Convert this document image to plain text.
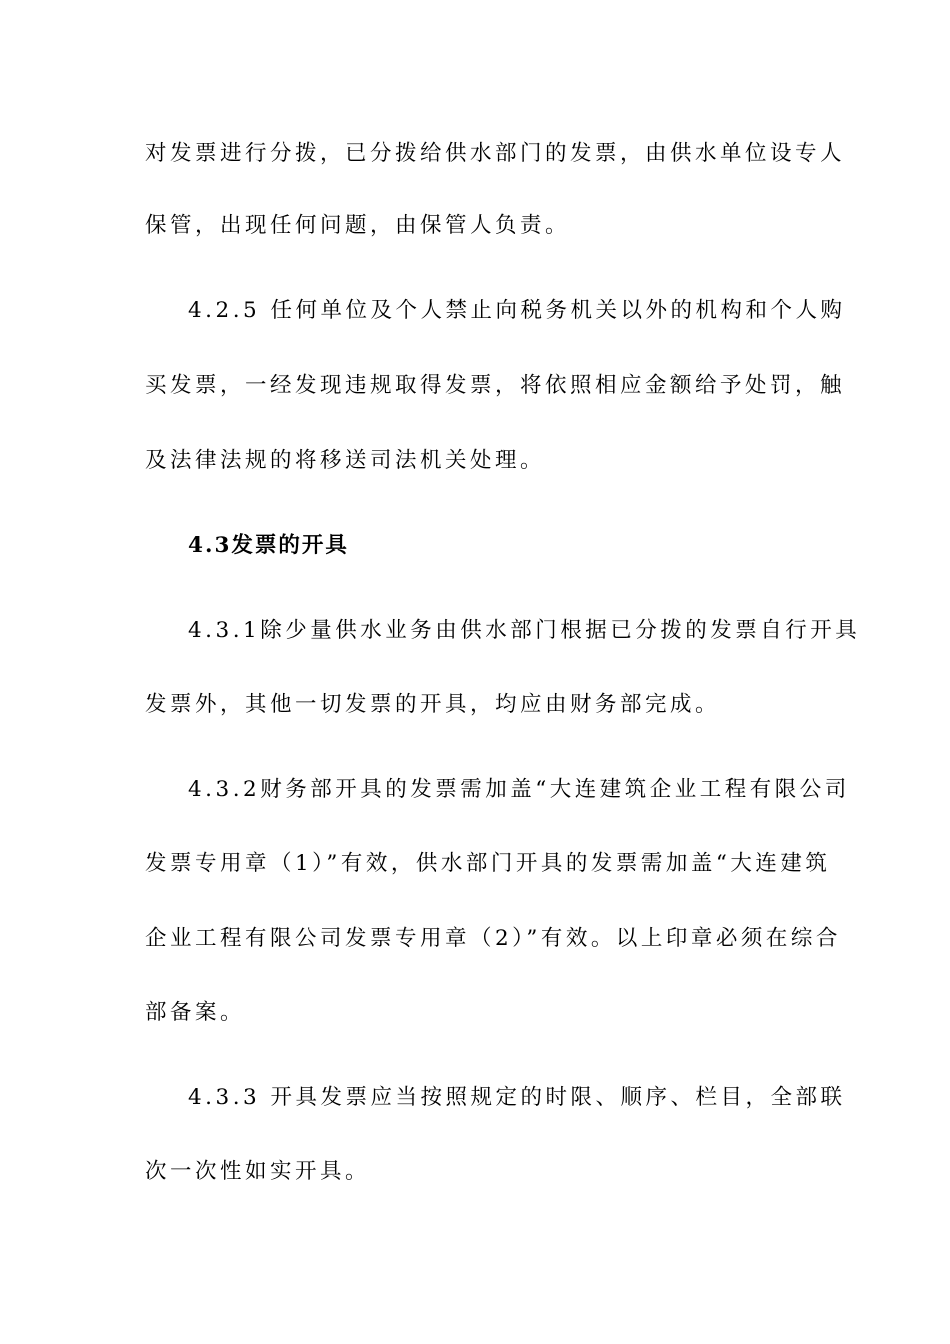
对发票进行分拨，已分拨给供水部门的发票，由供水单位设专人
保管，出现任何问题，由保管人负责。
4.2.5 任何单位及个人禁止向税务机关以外的机构和个人购
买发票，一经发现违规取得发票，将依照相应金额给予处罚，触
及法律法规的将移送司法机关处理。
4.3发票的开具
4.3.1除少量供水业务由供水部门根据已分拨的发票自行开具
发票外，其他一切发票的开具，均应由财务部完成。
4.3.2财务部开具的发票需加盖“大连建筑企业工程有限公司
发票专用章（1）”有效，供水部门开具的发票需加盖“大连建筑
企业工程有限公司发票专用章（2）”有效。以上印章必须在综合
部备案。
4.3.3 开具发票应当按照规定的时限、顺序、栏目，全部联
次一次性如实开具。
